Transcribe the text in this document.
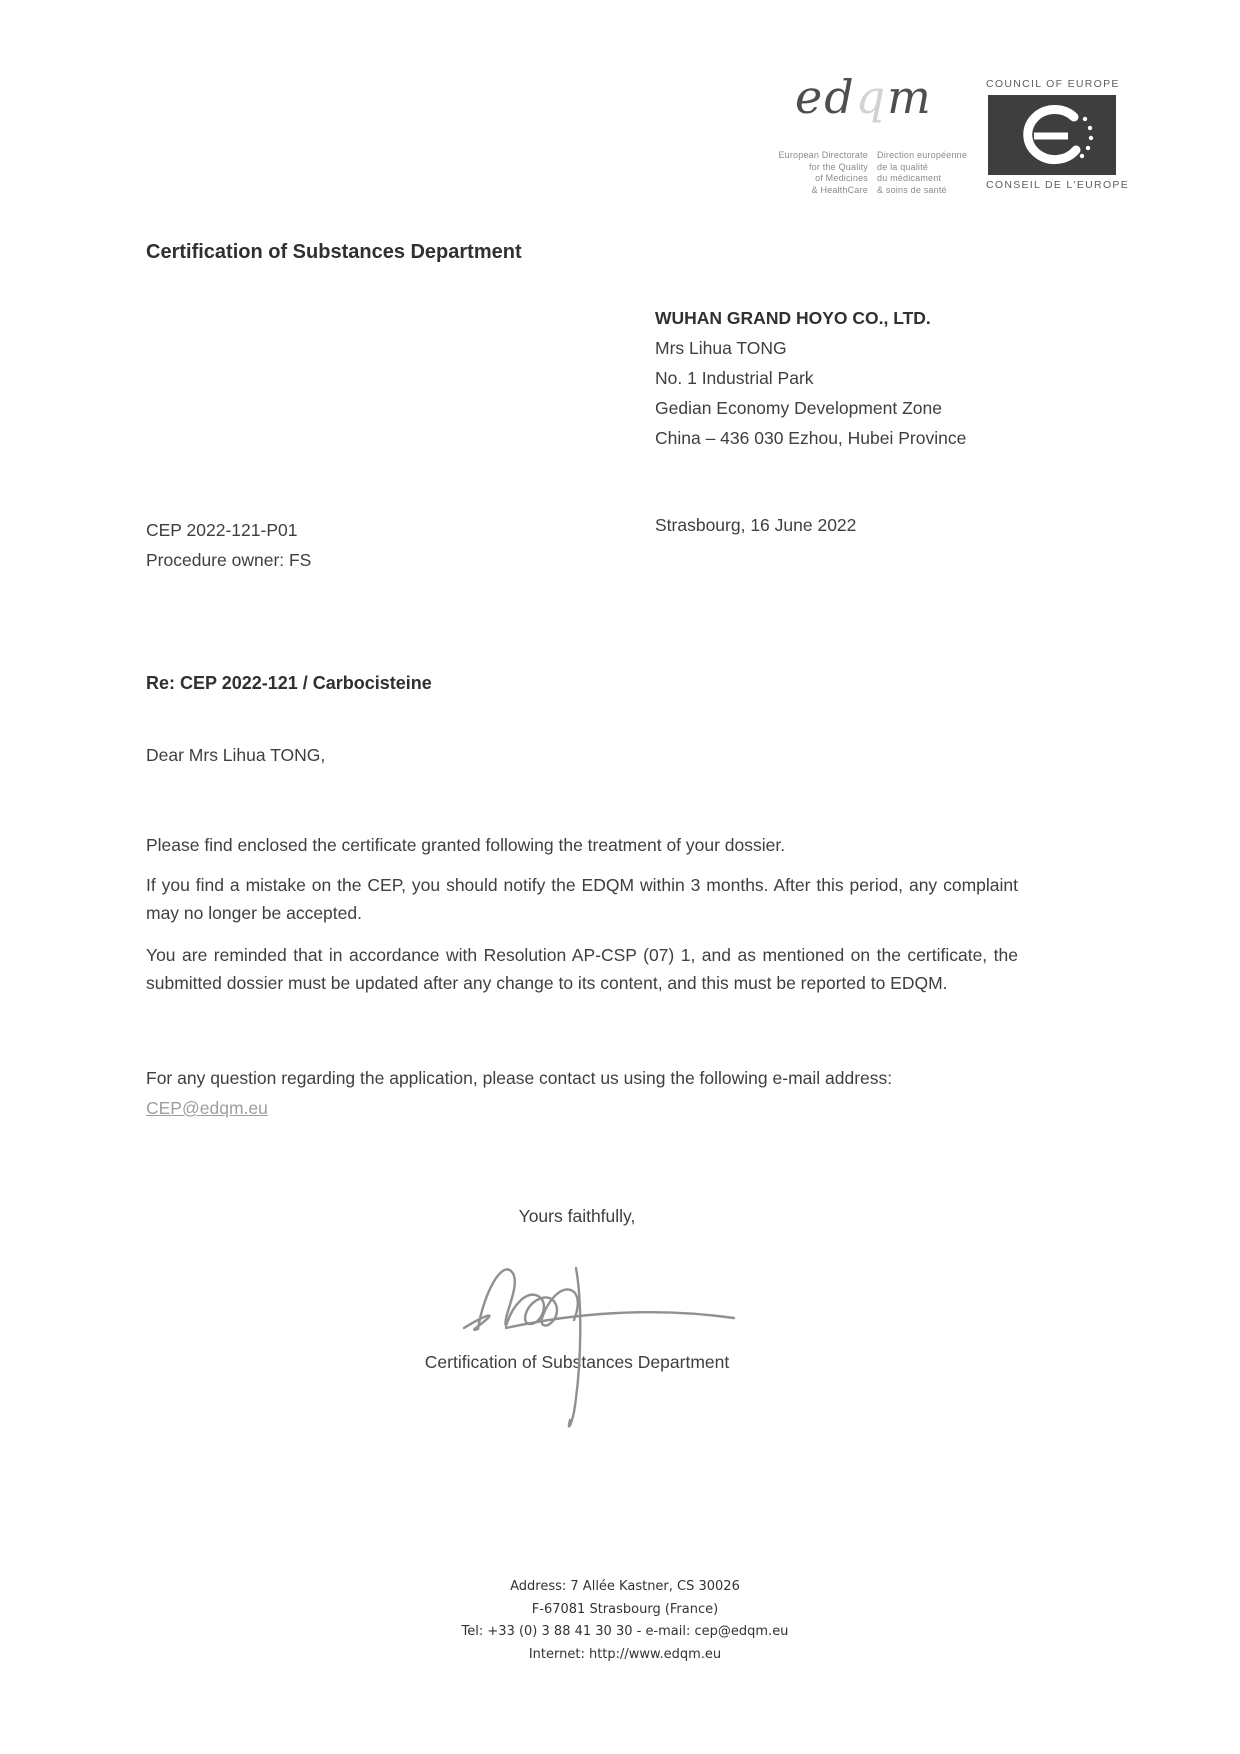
edqm
European Directorate
for the Quality
of Medicines
& HealthCare
Direction européenne
de la qualité
du médicament
& soins de santé
COUNCIL OF EUROPE
CONSEIL DE L'EUROPE
Certification of Substances Department
WUHAN GRAND HOYO CO., LTD.
Mrs Lihua TONG
No. 1 Industrial Park
Gedian Economy Development Zone
China – 436 030 Ezhou, Hubei Province
CEP 2022-121-P01
Procedure owner: FS
Strasbourg, 16 June 2022
Re: CEP 2022-121 / Carbocisteine
Dear Mrs Lihua TONG,
Please find enclosed the certificate granted following the treatment of your dossier.
If you find a mistake on the CEP, you should notify the EDQM within 3 months. After this period, any complaint may no longer be accepted.
You are reminded that in accordance with Resolution AP-CSP (07) 1, and as mentioned on the certificate, the submitted dossier must be updated after any change to its content, and this must be reported to EDQM.
For any question regarding the application, please contact us using the following e-mail address: CEP@edqm.eu
Yours faithfully,
Certification of Substances Department
Address: 7 Allée Kastner, CS 30026
F-67081 Strasbourg (France)
Tel: +33 (0) 3 88 41 30 30 - e-mail: cep@edqm.eu
Internet: http://www.edqm.eu
